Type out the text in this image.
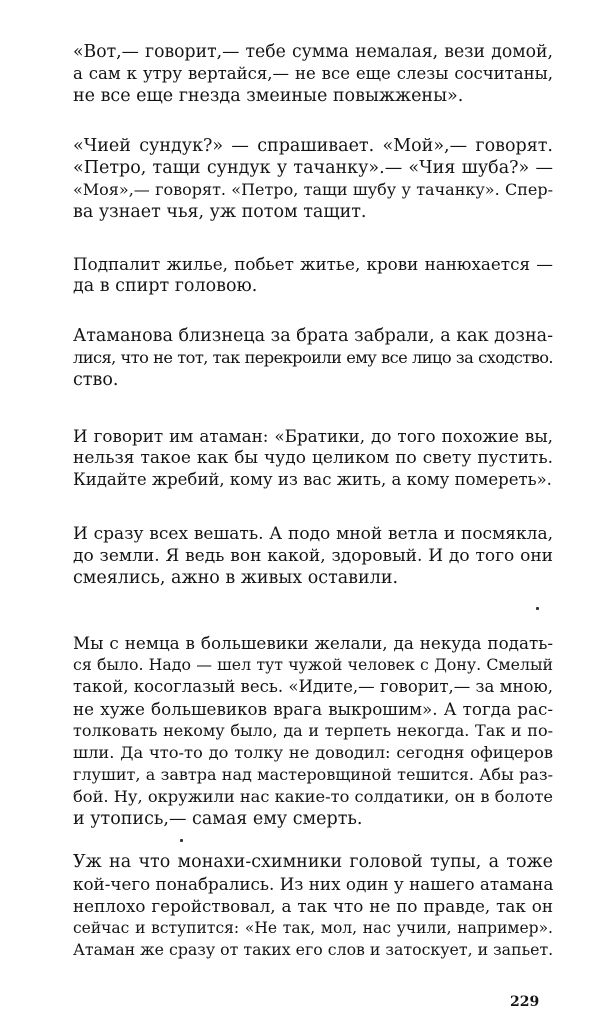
«Вот,— говорит,— тебе сумма немалая, вези домой,
а сам к утру вертайся,— не все еще слезы сосчитаны,
не все еще гнезда змеиные повыжжены».
«Чией сундук?» — спрашивает. «Мой»,— говорят.
«Петро, тащи сундук у тачанку».— «Чия шуба?» —
«Моя»,— говорят. «Петро, тащи шубу у тачанку». Спер-
ва узнает чья, уж потом тащит.
Подпалит жилье, побьет житье, крови нанюхается —
да в спирт головою.
Атаманова близнеца за брата забрали, а как дозна-
лися, что не тот, так перекроили ему все лицо за сходство.
ство.
И говорит им атаман: «Братики, до того похожие вы,
нельзя такое как бы чудо целиком по свету пустить.
Кидайте жребий, кому из вас жить, а кому помереть».
И сразу всех вешать. А подо мной ветла и посмякла,
до земли. Я ведь вон какой, здоровый. И до того они
смеялись, ажно в живых оставили.
Мы с немца в большевики желали, да некуда подать-
ся было. Надо — шел тут чужой человек с Дону. Смелый
такой, косоглазый весь. «Идите,— говорит,— за мною,
не хуже большевиков врага выкрошим». А тогда рас-
толковать некому было, да и терпеть некогда. Так и по-
шли. Да что-то до толку не доводил: сегодня офицеров
глушит, а завтра над мастеровщиной тешится. Абы раз-
бой. Ну, окружили нас какие-то солдатики, он в болоте
и утопись,— самая ему смерть.
Уж на что монахи-схимники головой тупы, а тоже
кой-чего понабрались. Из них один у нашего атамана
неплохо геройствовал, а так что не по правде, так он
сейчас и вступится: «Не так, мол, нас учили, например».
Атаман же сразу от таких его слов и затоскует, и запьет.
229
